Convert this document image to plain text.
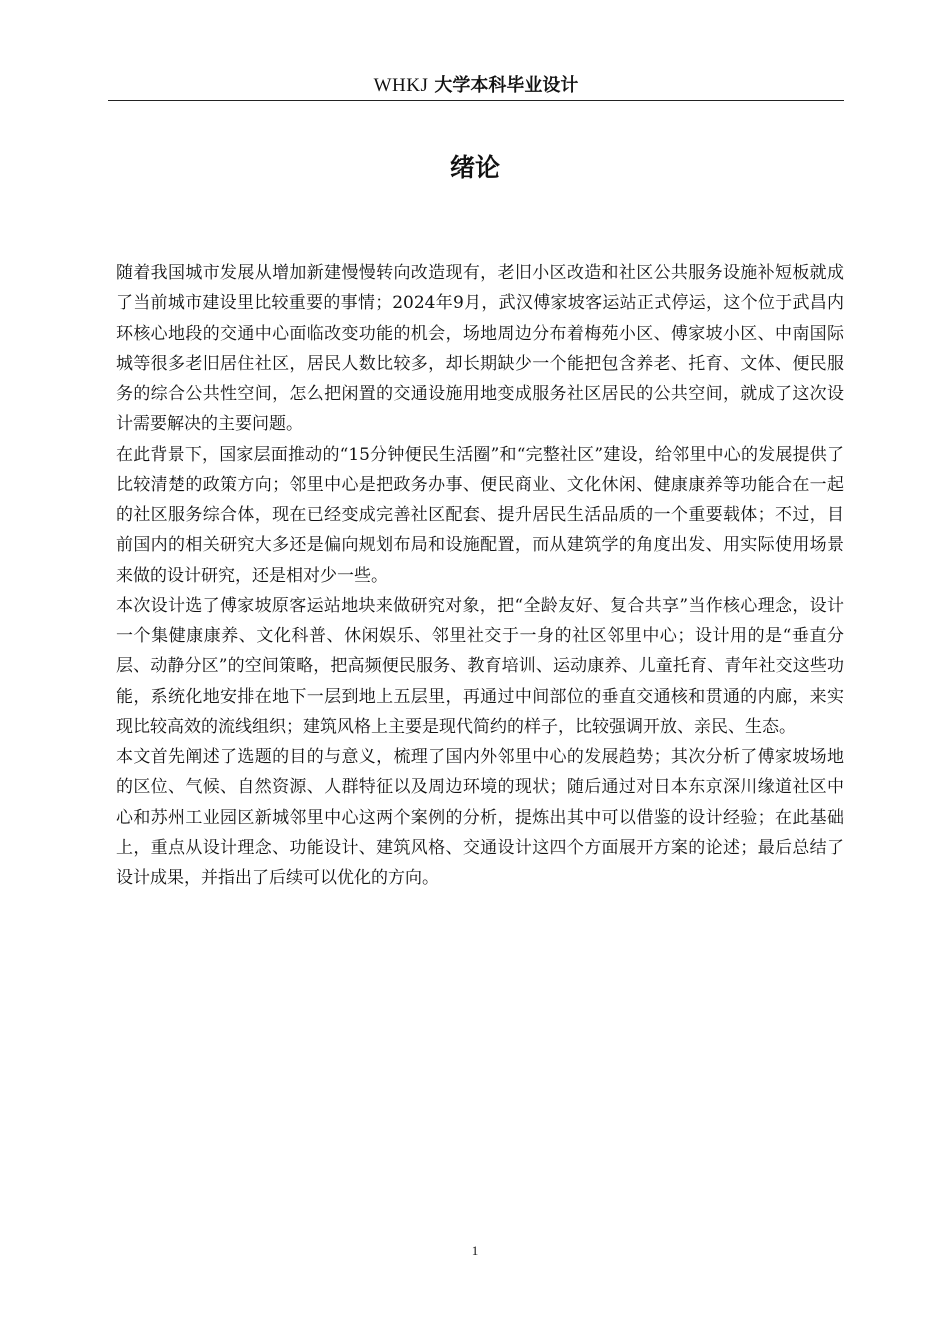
WHKJ 大学本科毕业设计
绪论

随着我国城市发展从增加新建慢慢转向改造现有，老旧小区改造和社区公共服务设施补短板就成了当前城市建设里比较重要的事情；2024年9月，武汉傅家坡客运站正式停运，这个位于武昌内环核心地段的交通中心面临改变功能的机会，场地周边分布着梅苑小区、傅家坡小区、中南国际城等很多老旧居住社区，居民人数比较多，却长期缺少一个能把包含养老、托育、文体、便民服务的综合公共性空间，怎么把闲置的交通设施用地变成服务社区居民的公共空间，就成了这次设计需要解决的主要问题。

在此背景下，国家层面推动的“15分钟便民生活圈”和“完整社区”建设，给邻里中心的发展提供了比较清楚的政策方向；邻里中心是把政务办事、便民商业、文化休闲、健康康养等功能合在一起的社区服务综合体，现在已经变成完善社区配套、提升居民生活品质的一个重要载体；不过，目前国内的相关研究大多还是偏向规划布局和设施配置，而从建筑学的角度出发、用实际使用场景来做的设计研究，还是相对少一些。

本次设计选了傅家坡原客运站地块来做研究对象，把“全龄友好、复合共享”当作核心理念，设计一个集健康康养、文化科普、休闲娱乐、邻里社交于一身的社区邻里中心；设计用的是“垂直分层、动静分区”的空间策略，把高频便民服务、教育培训、运动康养、儿童托育、青年社交这些功能，系统化地安排在地下一层到地上五层里，再通过中间部位的垂直交通核和贯通的内廊，来实现比较高效的流线组织；建筑风格上主要是现代简约的样子，比较强调开放、亲民、生态。

本文首先阐述了选题的目的与意义，梳理了国内外邻里中心的发展趋势；其次分析了傅家坡场地的区位、气候、自然资源、人群特征以及周边环境的现状；随后通过对日本东京深川缘道社区中心和苏州工业园区新城邻里中心这两个案例的分析，提炼出其中可以借鉴的设计经验；在此基础上，重点从设计理念、功能设计、建筑风格、交通设计这四个方面展开方案的论述；最后总结了设计成果，并指出了后续可以优化的方向。

1
